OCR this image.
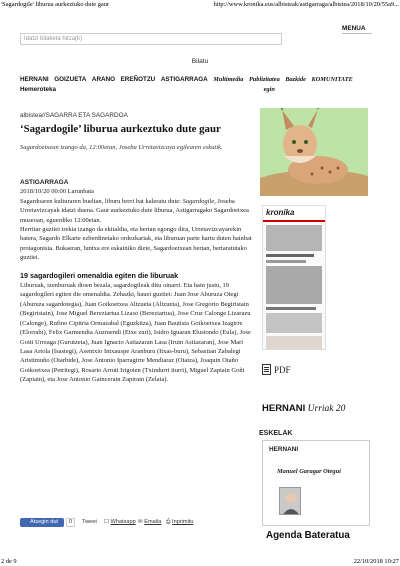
'Sagardogile' liburua aurkeztuko dute gaur	http://www.kronika.eus/albisteak/astigarraga/albistea/2018/10/20/55a9...
Idatzi bilaketa hitza(k)
MENUA
Bilatu
HERNANI GOIZUETA ARANO EREÑOTZU ASTIGARRAGA Multimedia Publizitatea Bazkide KOMUNITATE
Hemeroteka	egin
albistea//SAGARRA ETA SAGARDOA
‘Sagardogile’ liburua aurkeztuko dute gaur
Sagardoetxean izango da, 12:00etan, Joseba Urretavizcaya egilearen eskutik.
ASTIGARRAGA
2018/10/20 00:00 Larunbata

Sagardoaren kulturaren bueltan, liburu berri bat kaleratu dute: Sagardogile, Joseba Urretavizcayak idatzi duena. Gaur aurkeztuko dute liburua, Astigarragako Sagardoetxea museoan, eguerdiko 12:00etan.

Herritar guztiei irekia izango da ekitaldia, eta bertan egongo dira, Urretavizcayarekin batera, Sagardo Elkarte ezberdinetako ordezkariak, eta liburuan parte hartu duten hainbat protagonista. Bukaeran, luntxa ere eskainiko diete, Sagardoetxean bertan, bertaratutako guztiei.

19 sagardogileri omenaldia egiten die liburuak

Liburuak, izenburuak dioen bezala, sagardogileak ditu oinarri. Eta hain justu, 19 sagardogileri egiten die omenaldia. Zehazki, hauei guztiei: Juan Jose Aburuza Otegi (Aburuza sagardotegia), Juan Goikoetxea Altzueta (Altzueta), Jose Gregorio Begiristain (Begiristain), Jose Miguel Bereziartua Lizaso (Bereziartua), Jose Cruz Calonge Lizarazu (Calonge), Rufino Cipitria Ormazabal (Eguzkitza), Juan Bautista Goikoetxea Izagirre (Elorrabi), Felix Garmendia Auzmendi (Etxe zuri), Isidro Iguaran Elustondo (Eula), Jose Goiti Urreaga (Gurutzeta), Juan Ignacio Astiazaran Lasa (Iruin Astiazaran), Jose Mari Lasa Artola (Isastegi), Asentxio Intxauspe Aranburu (Itxas-buru), Sebastian Zabalegi Aristimuño (Oiarbide), Jose Antonio Iparragirre Mendiaraz (Otatza), Joaquin Otaño Goikoetxea (Petritegi), Rosario Arruti Irigoien (Txindurri iturri), Miguel Zapiain Goñi (Zapiain), eta Jose Antonio Gaincerain Zapirain (Zelaia).

Atsegin dut	0	Tweet ☐ Whatsapp ✉ Emaila ⎙ Inprimitu
kronika
PDF
HERNANI Urriak 20
ESKELAK
HERNANI
Manuel Garagar Otegui
Agenda Bateratua
2 de 9	22/10/2018 10:27
